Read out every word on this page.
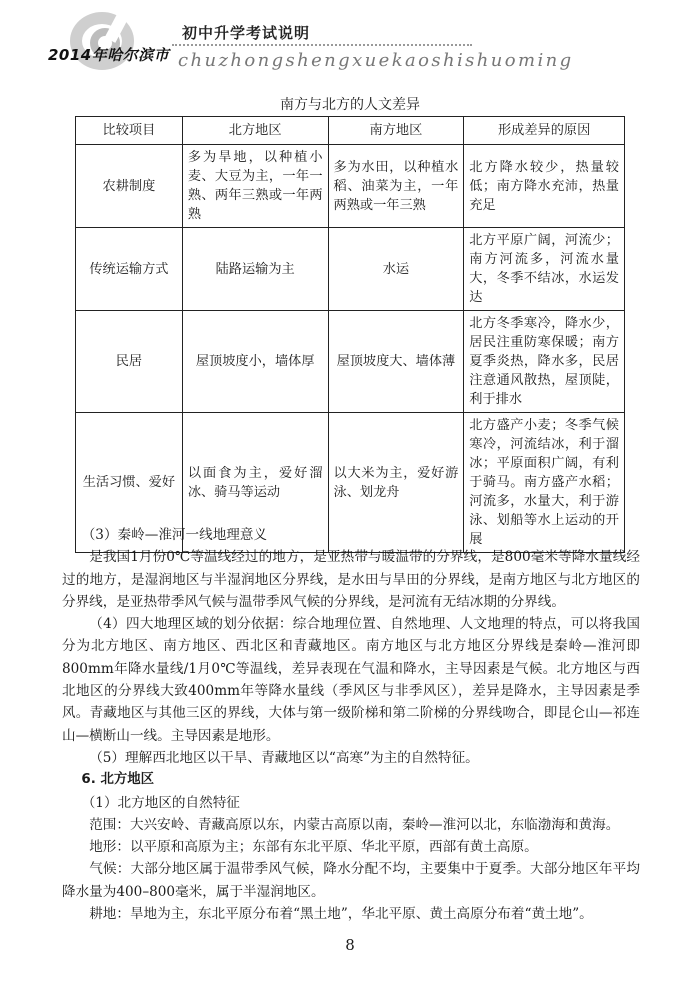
2014年哈尔滨市
初中升学考试说明
chuzhongshengxuekaoshishuoming
南方与北方的人文差异
比较项目	北方地区	南方地区	形成差异的原因
农耕制度	多为旱地，以种植小麦、大豆为主，一年一熟、两年三熟或一年两熟	多为水田，以种植水稻、油菜为主，一年两熟或一年三熟	北方降水较少，热量较低；南方降水充沛，热量充足
传统运输方式	陆路运输为主	水运	北方平原广阔，河流少；南方河流多，河流水量大，冬季不结冰，水运发达
民居	屋顶坡度小，墙体厚	屋顶坡度大、墙体薄	北方冬季寒冷，降水少，居民注重防寒保暖；南方夏季炎热，降水多，民居注意通风散热，屋顶陡，利于排水
生活习惯、爱好	以面食为主，爱好溜冰、骑马等运动	以大米为主，爱好游泳、划龙舟	北方盛产小麦；冬季气候寒冷，河流结冰，利于溜冰；平原面积广阔，有利于骑马。南方盛产水稻；河流多，水量大，利于游泳、划船等水上运动的开展

（3）秦岭—淮河一线地理意义

是我国1月份0℃等温线经过的地方，是亚热带与暖温带的分界线，是800毫米等降水量线经过的地方，是湿润地区与半湿润地区分界线，是水田与旱田的分界线，是南方地区与北方地区的分界线，是亚热带季风气候与温带季风气候的分界线，是河流有无结冰期的分界线。

（4）四大地理区域的划分依据：综合地理位置、自然地理、人文地理的特点，可以将我国分为北方地区、南方地区、西北区和青藏地区。南方地区与北方地区分界线是秦岭—淮河即800mm年降水量线/1月0℃等温线，差异表现在气温和降水，主导因素是气候。北方地区与西北地区的分界线大致400mm年等降水量线（季风区与非季风区），差异是降水，主导因素是季风。青藏地区与其他三区的界线，大体与第一级阶梯和第二阶梯的分界线吻合，即昆仑山—祁连山—横断山一线。主导因素是地形。

（5）理解西北地区以干旱、青藏地区以“高寒”为主的自然特征。

6. 北方地区

（1）北方地区的自然特征

范围：大兴安岭、青藏高原以东，内蒙古高原以南，秦岭—淮河以北，东临渤海和黄海。

地形：以平原和高原为主；东部有东北平原、华北平原，西部有黄土高原。

气候：大部分地区属于温带季风气候，降水分配不均，主要集中于夏季。大部分地区年平均降水量为400–800毫米，属于半湿润地区。

耕地：旱地为主，东北平原分布着“黑土地”，华北平原、黄土高原分布着“黄土地”。

8
